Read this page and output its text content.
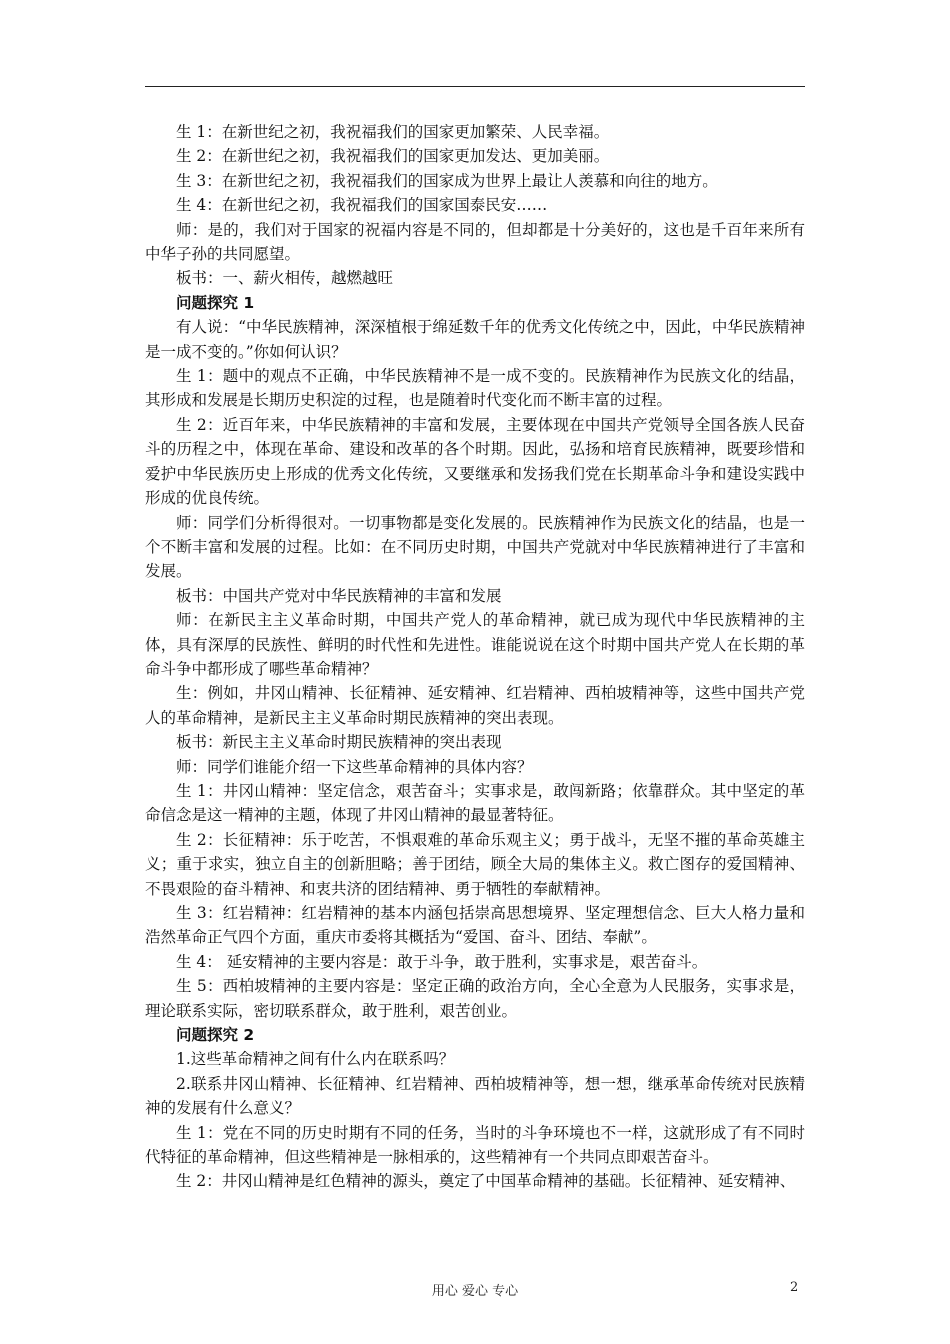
生 1：在新世纪之初，我祝福我们的国家更加繁荣、人民幸福。

生 2：在新世纪之初，我祝福我们的国家更加发达、更加美丽。

生 3：在新世纪之初，我祝福我们的国家成为世界上最让人羡慕和向往的地方。

生 4：在新世纪之初，我祝福我们的国家国泰民安……

师：是的，我们对于国家的祝福内容是不同的，但却都是十分美好的，这也是千百年来所有中华子孙的共同愿望。

板书：一、薪火相传，越燃越旺

问题探究 1

有人说：“中华民族精神，深深植根于绵延数千年的优秀文化传统之中，因此，中华民族精神是一成不变的。”你如何认识？

生 1：题中的观点不正确，中华民族精神不是一成不变的。民族精神作为民族文化的结晶，其形成和发展是长期历史积淀的过程，也是随着时代变化而不断丰富的过程。

生 2：近百年来，中华民族精神的丰富和发展，主要体现在中国共产党领导全国各族人民奋斗的历程之中，体现在革命、建设和改革的各个时期。因此，弘扬和培育民族精神，既要珍惜和爱护中华民族历史上形成的优秀文化传统，又要继承和发扬我们党在长期革命斗争和建设实践中形成的优良传统。

师：同学们分析得很对。一切事物都是变化发展的。民族精神作为民族文化的结晶，也是一个不断丰富和发展的过程。比如：在不同历史时期，中国共产党就对中华民族精神进行了丰富和发展。

板书：中国共产党对中华民族精神的丰富和发展

师：在新民主主义革命时期，中国共产党人的革命精神，就已成为现代中华民族精神的主体，具有深厚的民族性、鲜明的时代性和先进性。谁能说说在这个时期中国共产党人在长期的革命斗争中都形成了哪些革命精神？

生：例如，井冈山精神、长征精神、延安精神、红岩精神、西柏坡精神等，这些中国共产党人的革命精神，是新民主主义革命时期民族精神的突出表现。

板书：新民主主义革命时期民族精神的突出表现

师：同学们谁能介绍一下这些革命精神的具体内容？

生 1：井冈山精神：坚定信念，艰苦奋斗；实事求是，敢闯新路；依靠群众。其中坚定的革命信念是这一精神的主题，体现了井冈山精神的最显著特征。

生 2：长征精神：乐于吃苦，不惧艰难的革命乐观主义；勇于战斗，无坚不摧的革命英雄主义；重于求实，独立自主的创新胆略；善于团结，顾全大局的集体主义。救亡图存的爱国精神、不畏艰险的奋斗精神、和衷共济的团结精神、勇于牺牲的奉献精神。

生 3：红岩精神：红岩精神的基本内涵包括崇高思想境界、坚定理想信念、巨大人格力量和浩然革命正气四个方面，重庆市委将其概括为“爱国、奋斗、团结、奉献”。

生 4： 延安精神的主要内容是：敢于斗争，敢于胜利，实事求是，艰苦奋斗。

生 5：西柏坡精神的主要内容是：坚定正确的政治方向，全心全意为人民服务，实事求是，理论联系实际，密切联系群众，敢于胜利，艰苦创业。

问题探究 2

1.这些革命精神之间有什么内在联系吗？

2.联系井冈山精神、长征精神、红岩精神、西柏坡精神等，想一想，继承革命传统对民族精神的发展有什么意义？

生 1：党在不同的历史时期有不同的任务，当时的斗争环境也不一样，这就形成了有不同时代特征的革命精神，但这些精神是一脉相承的，这些精神有一个共同点即艰苦奋斗。

生 2：井冈山精神是红色精神的源头，奠定了中国革命精神的基础。长征精神、延安精神、

用心 爱心 专心	2
